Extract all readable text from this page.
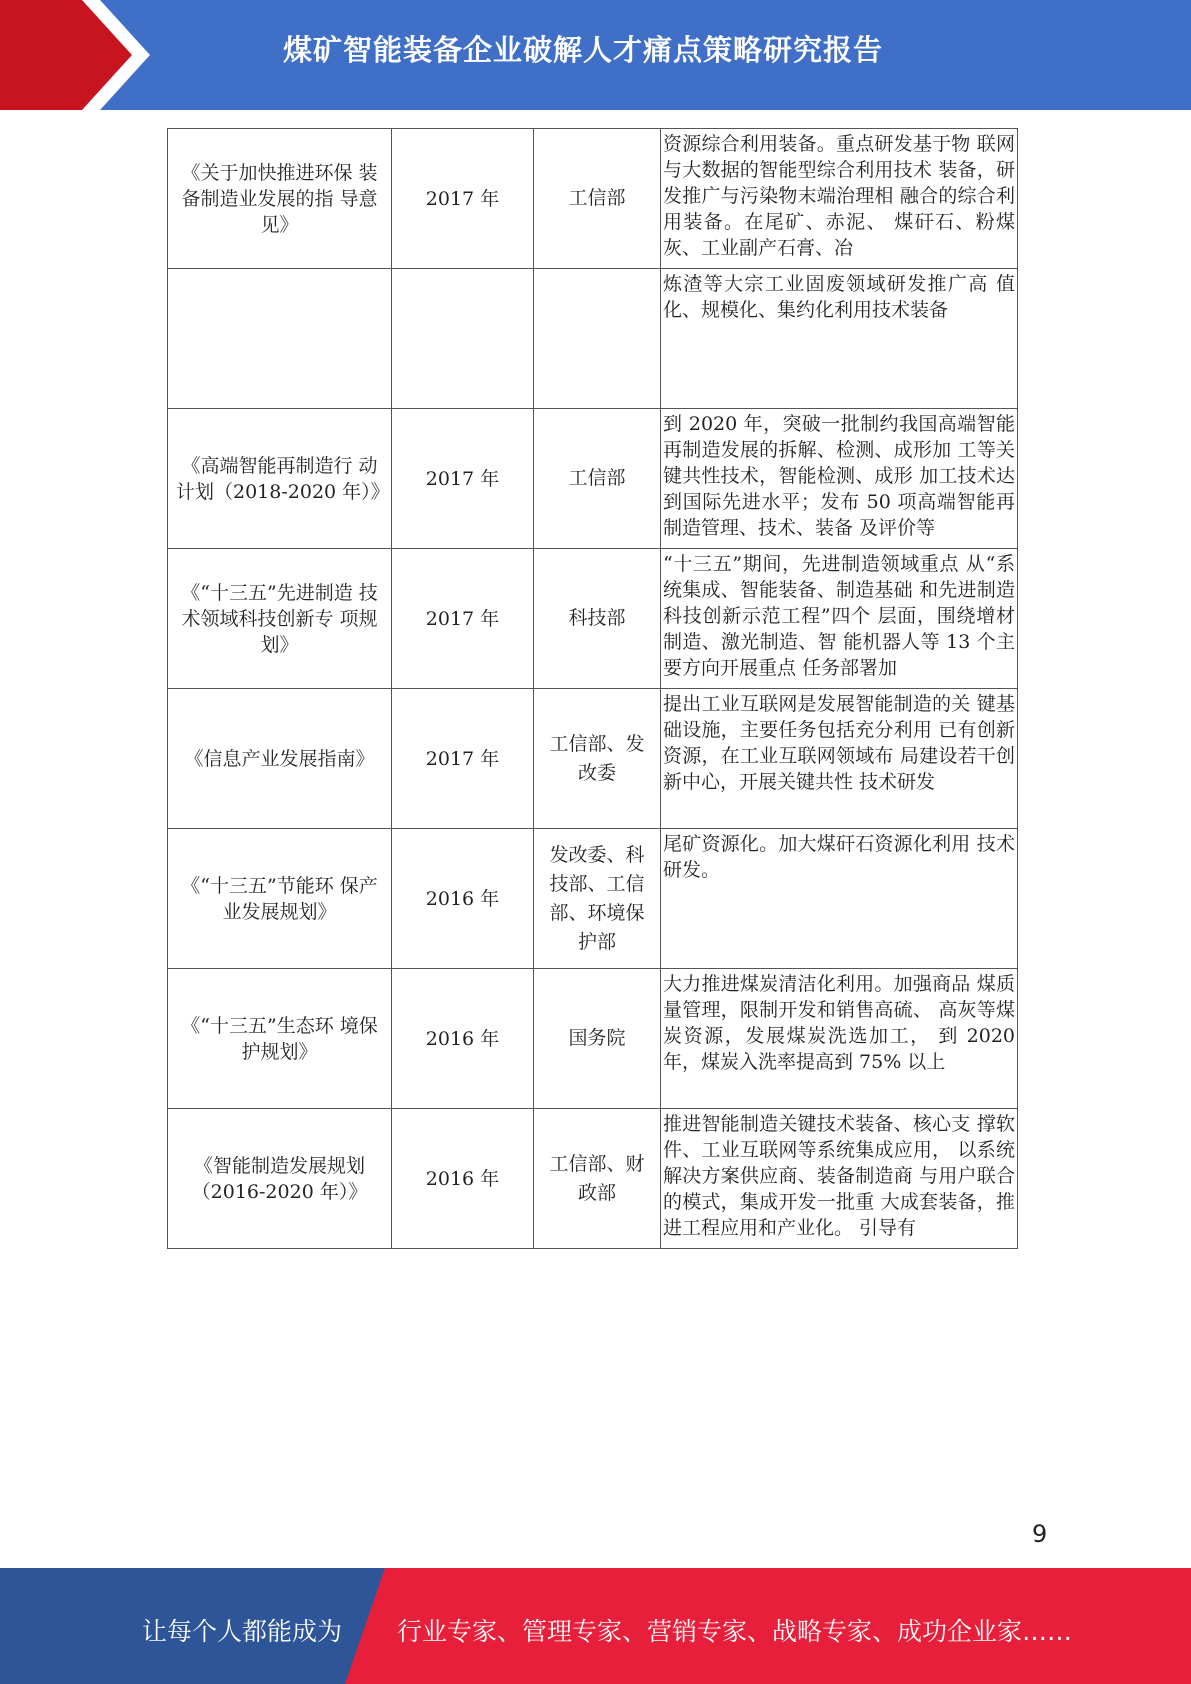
煤矿智能装备企业破解人才痛点策略研究报告
《关于加快推进环保 装备制造业发展的指 导意见》	2017 年	工信部	资源综合利用装备。重点研发基于物 联网与大数据的智能型综合利用技术 装备，研发推广与污染物末端治理相 融合的综合利用装备。在尾矿、赤泥、 煤矸石、粉煤灰、工业副产石膏、冶

			炼渣等大宗工业固废领域研发推广高 值化、规模化、集约化利用技术装备

《高端智能再制造行 动计划（2018-2020 年）》	2017 年	工信部	到 2020 年，突破一批制约我国高端智能再制造发展的拆解、检测、成形加 工等关键共性技术，智能检测、成形 加工技术达到国际先进水平；发布 50 项高端智能再制造管理、技术、装备 及评价等

《“十三五”先进制造 技术领域科技创新专 项规划》	2017 年	科技部	“十三五”期间，先进制造领域重点 从“系统集成、智能装备、制造基础 和先进制造科技创新示范工程”四个 层面，围绕增材制造、激光制造、智 能机器人等 13 个主要方向开展重点 任务部署加

《信息产业发展指南》	2017 年	工信部、发改委	提出工业互联网是发展智能制造的关 键基础设施，主要任务包括充分利用 已有创新资源，在工业互联网领域布 局建设若干创新中心，开展关键共性 技术研发

《“十三五”节能环 保产业发展规划》	2016 年	发改委、科技部、工信部、环境保护部	尾矿资源化。加大煤矸石资源化利用 技术研发。

《“十三五”生态环 境保护规划》	2016 年	国务院	大力推进煤炭清洁化利用。加强商品 煤质量管理，限制开发和销售高硫、 高灰等煤炭资源，发展煤炭洗选加工， 到 2020 年，煤炭入洗率提高到 75% 以上

《智能制造发展规划（2016-2020 年）》	2016 年	工信部、财政部	推进智能制造关键技术装备、核心支 撑软件、工业互联网等系统集成应用， 以系统解决方案供应商、装备制造商 与用户联合的模式，集成开发一批重 大成套装备，推进工程应用和产业化。 引导有
9
让每个人都能成为 行业专家、管理专家、营销专家、战略专家、成功企业家……
